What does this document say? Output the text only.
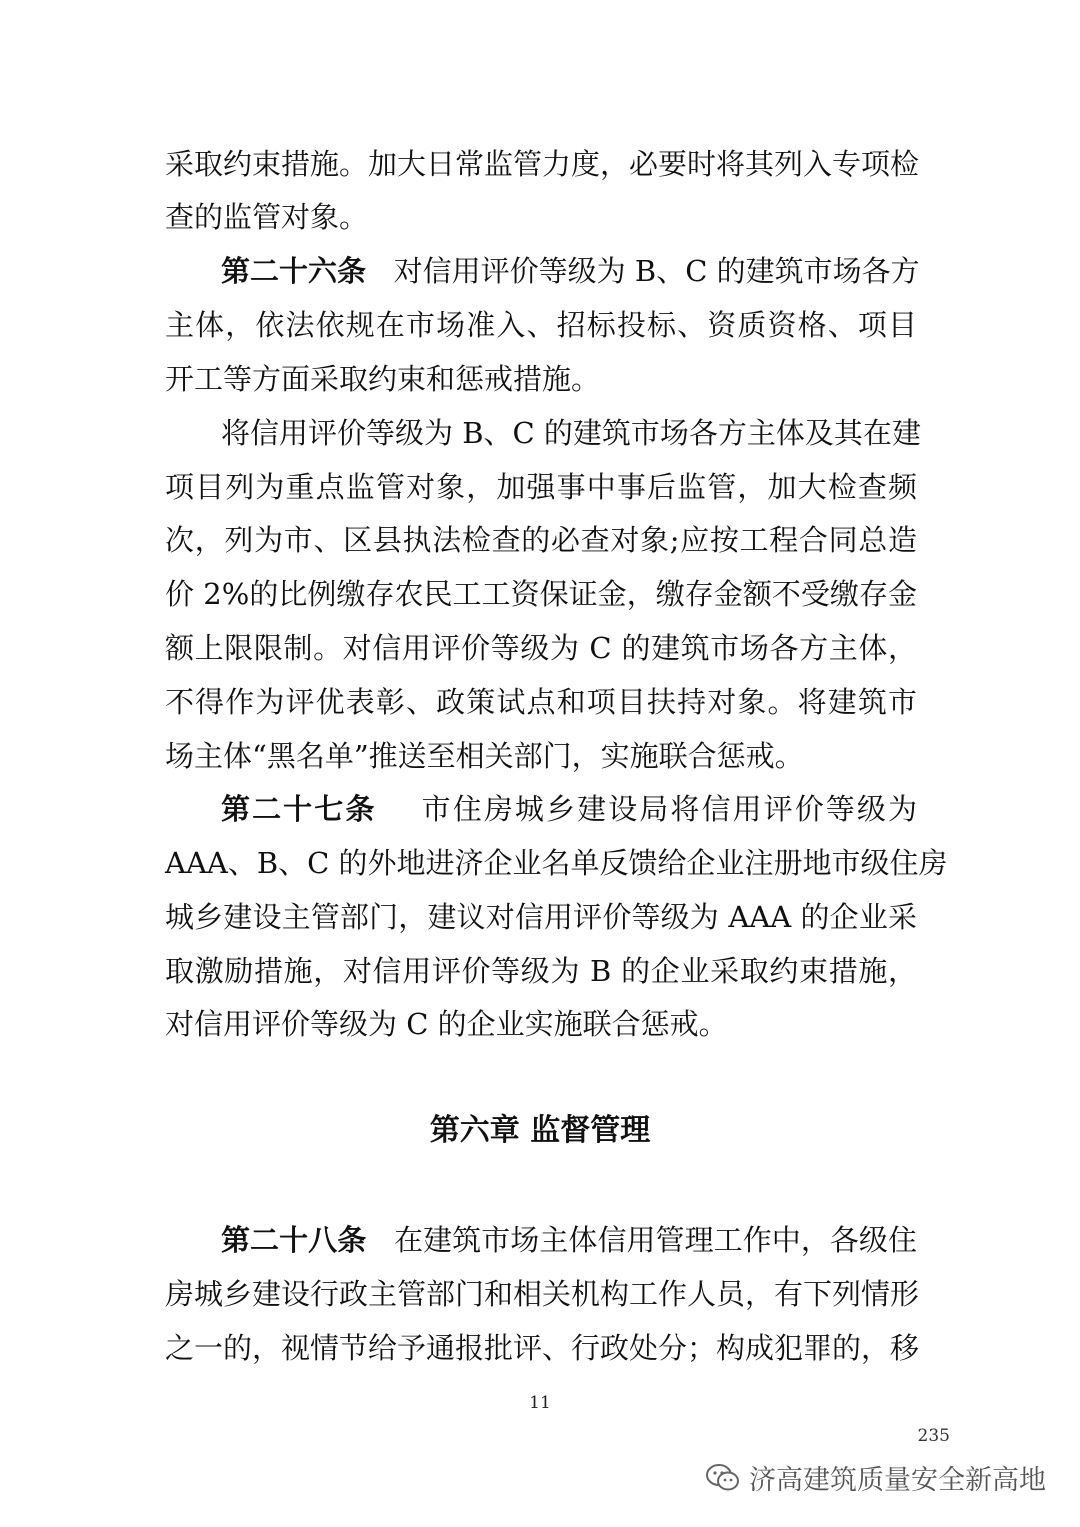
采取约束措施。加大日常监管力度，必要时将其列入专项检
查的监管对象。
第二十六条 对信用评价等级为 B、C 的建筑市场各方
主体，依法依规在市场准入、招标投标、资质资格、项目
开工等方面采取约束和惩戒措施。
将信用评价等级为 B、C 的建筑市场各方主体及其在建
项目列为重点监管对象，加强事中事后监管，加大检查频
次，列为市、区县执法检查的必查对象;应按工程合同总造
价 2%的比例缴存农民工工资保证金，缴存金额不受缴存金
额上限限制。对信用评价等级为 C 的建筑市场各方主体，
不得作为评优表彰、政策试点和项目扶持对象。将建筑市
场主体“黑名单”推送至相关部门，实施联合惩戒。
第二十七条 市住房城乡建设局将信用评价等级为
AAA、B、C 的外地进济企业名单反馈给企业注册地市级住房
城乡建设主管部门，建议对信用评价等级为 AAA 的企业采
取激励措施，对信用评价等级为 B 的企业采取约束措施，
对信用评价等级为 C 的企业实施联合惩戒。
第六章 监督管理
第二十八条 在建筑市场主体信用管理工作中，各级住
房城乡建设行政主管部门和相关机构工作人员，有下列情形
之一的，视情节给予通报批评、行政处分；构成犯罪的，移
11
235
济高建筑质量安全新高地
